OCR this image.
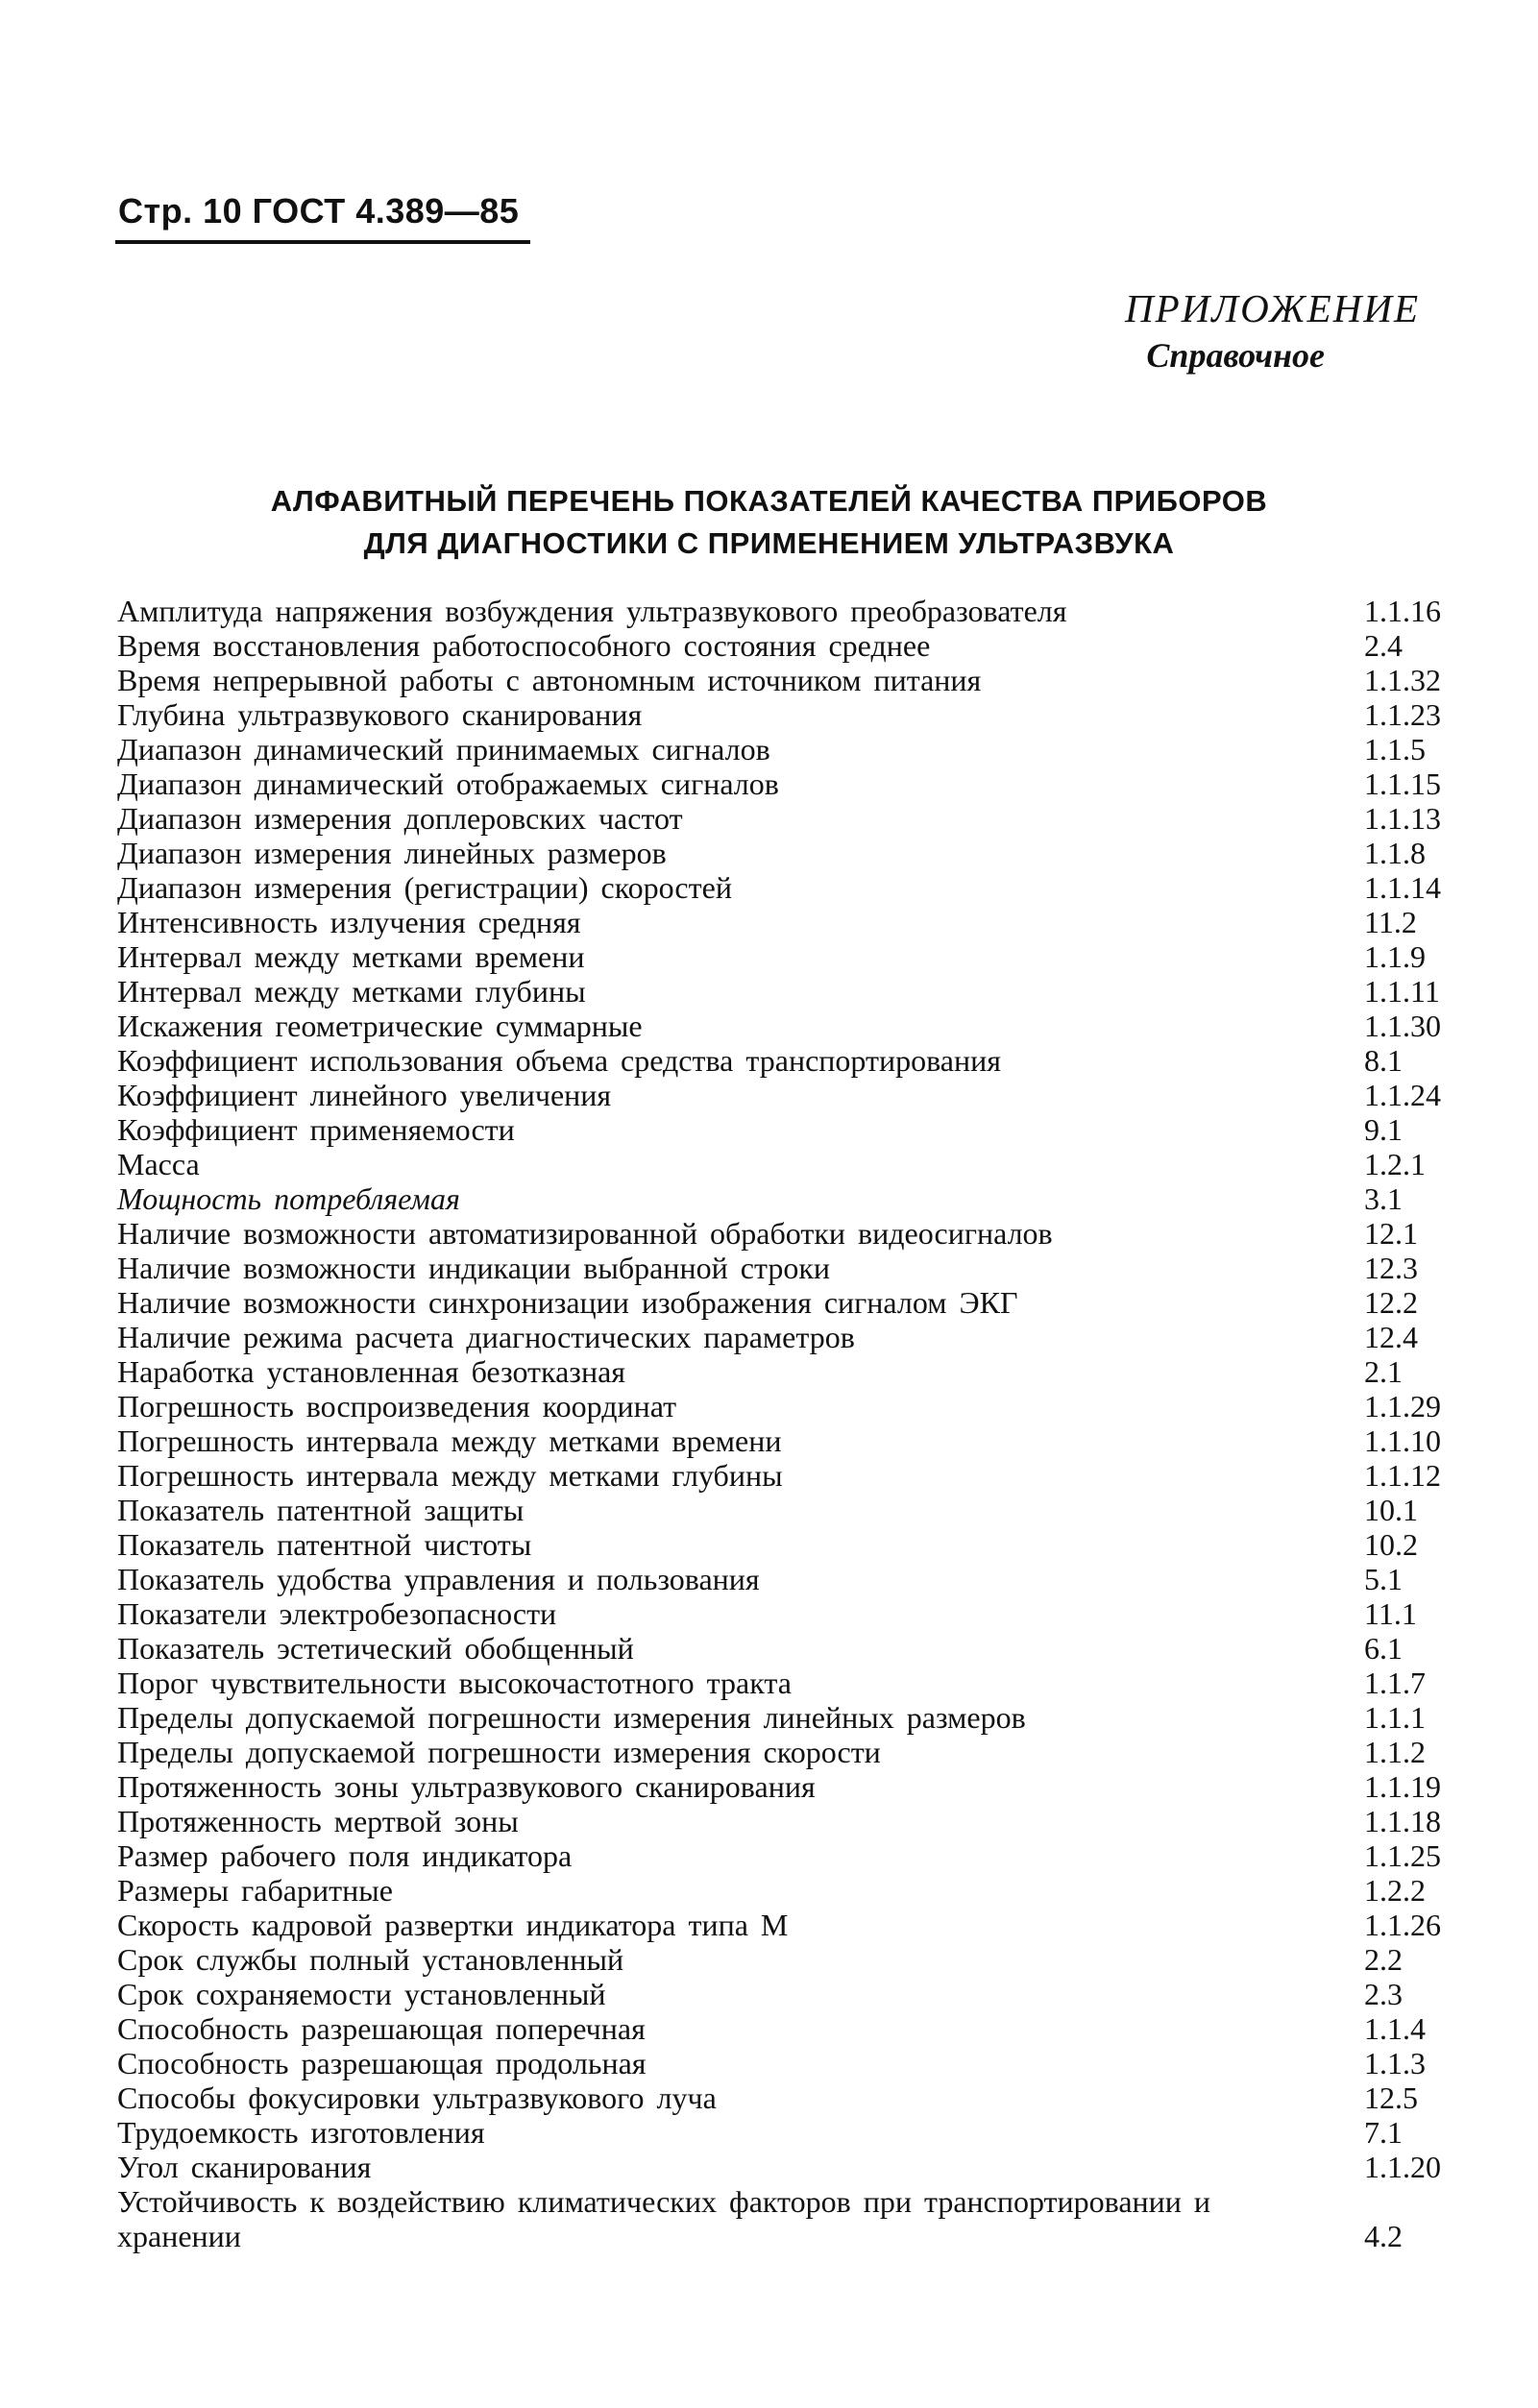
Стр. 10 ГОСТ 4.389—85
ПРИЛОЖЕНИЕ
Справочное
АЛФАВИТНЫЙ ПЕРЕЧЕНЬ ПОКАЗАТЕЛЕЙ КАЧЕСТВА ПРИБОРОВ
ДЛЯ ДИАГНОСТИКИ С ПРИМЕНЕНИЕМ УЛЬТРАЗВУКА
Амплитуда напряжения возбуждения ультразвукового преобразователя	1.1.16
Время восстановления работоспособного состояния среднее	2.4
Время непрерывной работы с автономным источником питания	1.1.32
Глубина ультразвукового сканирования	1.1.23
Диапазон динамический принимаемых сигналов	1.1.5
Диапазон динамический отображаемых сигналов	1.1.15
Диапазон измерения доплеровских частот	1.1.13
Диапазон измерения линейных размеров	1.1.8
Диапазон измерения (регистрации) скоростей	1.1.14
Интенсивность излучения средняя	11.2
Интервал между метками времени	1.1.9
Интервал между метками глубины	1.1.11
Искажения геометрические суммарные	1.1.30
Коэффициент использования объема средства транспортирования	8.1
Коэффициент линейного увеличения	1.1.24
Коэффициент применяемости	9.1
Масса	1.2.1
Мощность потребляемая	3.1
Наличие возможности автоматизированной обработки видеосигналов	12.1
Наличие возможности индикации выбранной строки	12.3
Наличие возможности синхронизации изображения сигналом ЭКГ	12.2
Наличие режима расчета диагностических параметров	12.4
Наработка установленная безотказная	2.1
Погрешность воспроизведения координат	1.1.29
Погрешность интервала между метками времени	1.1.10
Погрешность интервала между метками глубины	1.1.12
Показатель патентной защиты	10.1
Показатель патентной чистоты	10.2
Показатель удобства управления и пользования	5.1
Показатели электробезопасности	11.1
Показатель эстетический обобщенный	6.1
Порог чувствительности высокочастотного тракта	1.1.7
Пределы допускаемой погрешности измерения линейных размеров	1.1.1
Пределы допускаемой погрешности измерения скорости	1.1.2
Протяженность зоны ультразвукового сканирования	1.1.19
Протяженность мертвой зоны	1.1.18
Размер рабочего поля индикатора	1.1.25
Размеры габаритные	1.2.2
Скорость кадровой развертки индикатора типа М	1.1.26
Срок службы полный установленный	2.2
Срок сохраняемости установленный	2.3
Способность разрешающая поперечная	1.1.4
Способность разрешающая продольная	1.1.3
Способы фокусировки ультразвукового луча	12.5
Трудоемкость изготовления	7.1
Угол сканирования	1.1.20
Устойчивость к воздействию климатических факторов при транспортировании и хранении	4.2
